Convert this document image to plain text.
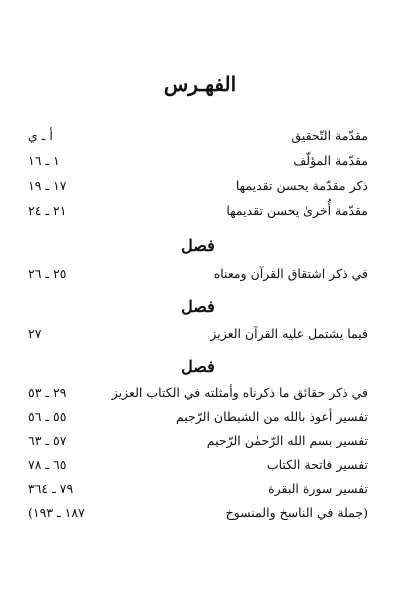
الفهـرس
مقدّمة التّحقيق
أ ـ ي
مقدّمة المؤلّف
١ ـ ١٦
ذكر مقدّمة يحسن تقديمها
١٧ ـ ١٩
مقدّمة أُخرىٰ يحسن تقديمها
٢١ ـ ٢٤
فصل
في ذكر اشتقاق القرآن ومعناه
٢٥ ـ ٢٦
فصل
فيما يشتمل عليه القرآن العزيز
٢٧
فصل
في ذكر حقائق ما ذكرناه وأمثلته في الكتاب العزيز
٢٩ ـ ٥٣
تفسير أعوذ بالله من الشيطان الرّجيم
٥٥ ـ ٥٦
تفسير بسم الله الرّحمٰن الرّحيم
٥٧ ـ ٦٣
تفسير فاتحة الكتاب
٦٥ ـ ٧٨
تفسير سورة البقرة
٧٩ ـ ٣٦٤
(جملة في الناسخ والمنسوخ
١٨٧ ـ ١٩٣)
